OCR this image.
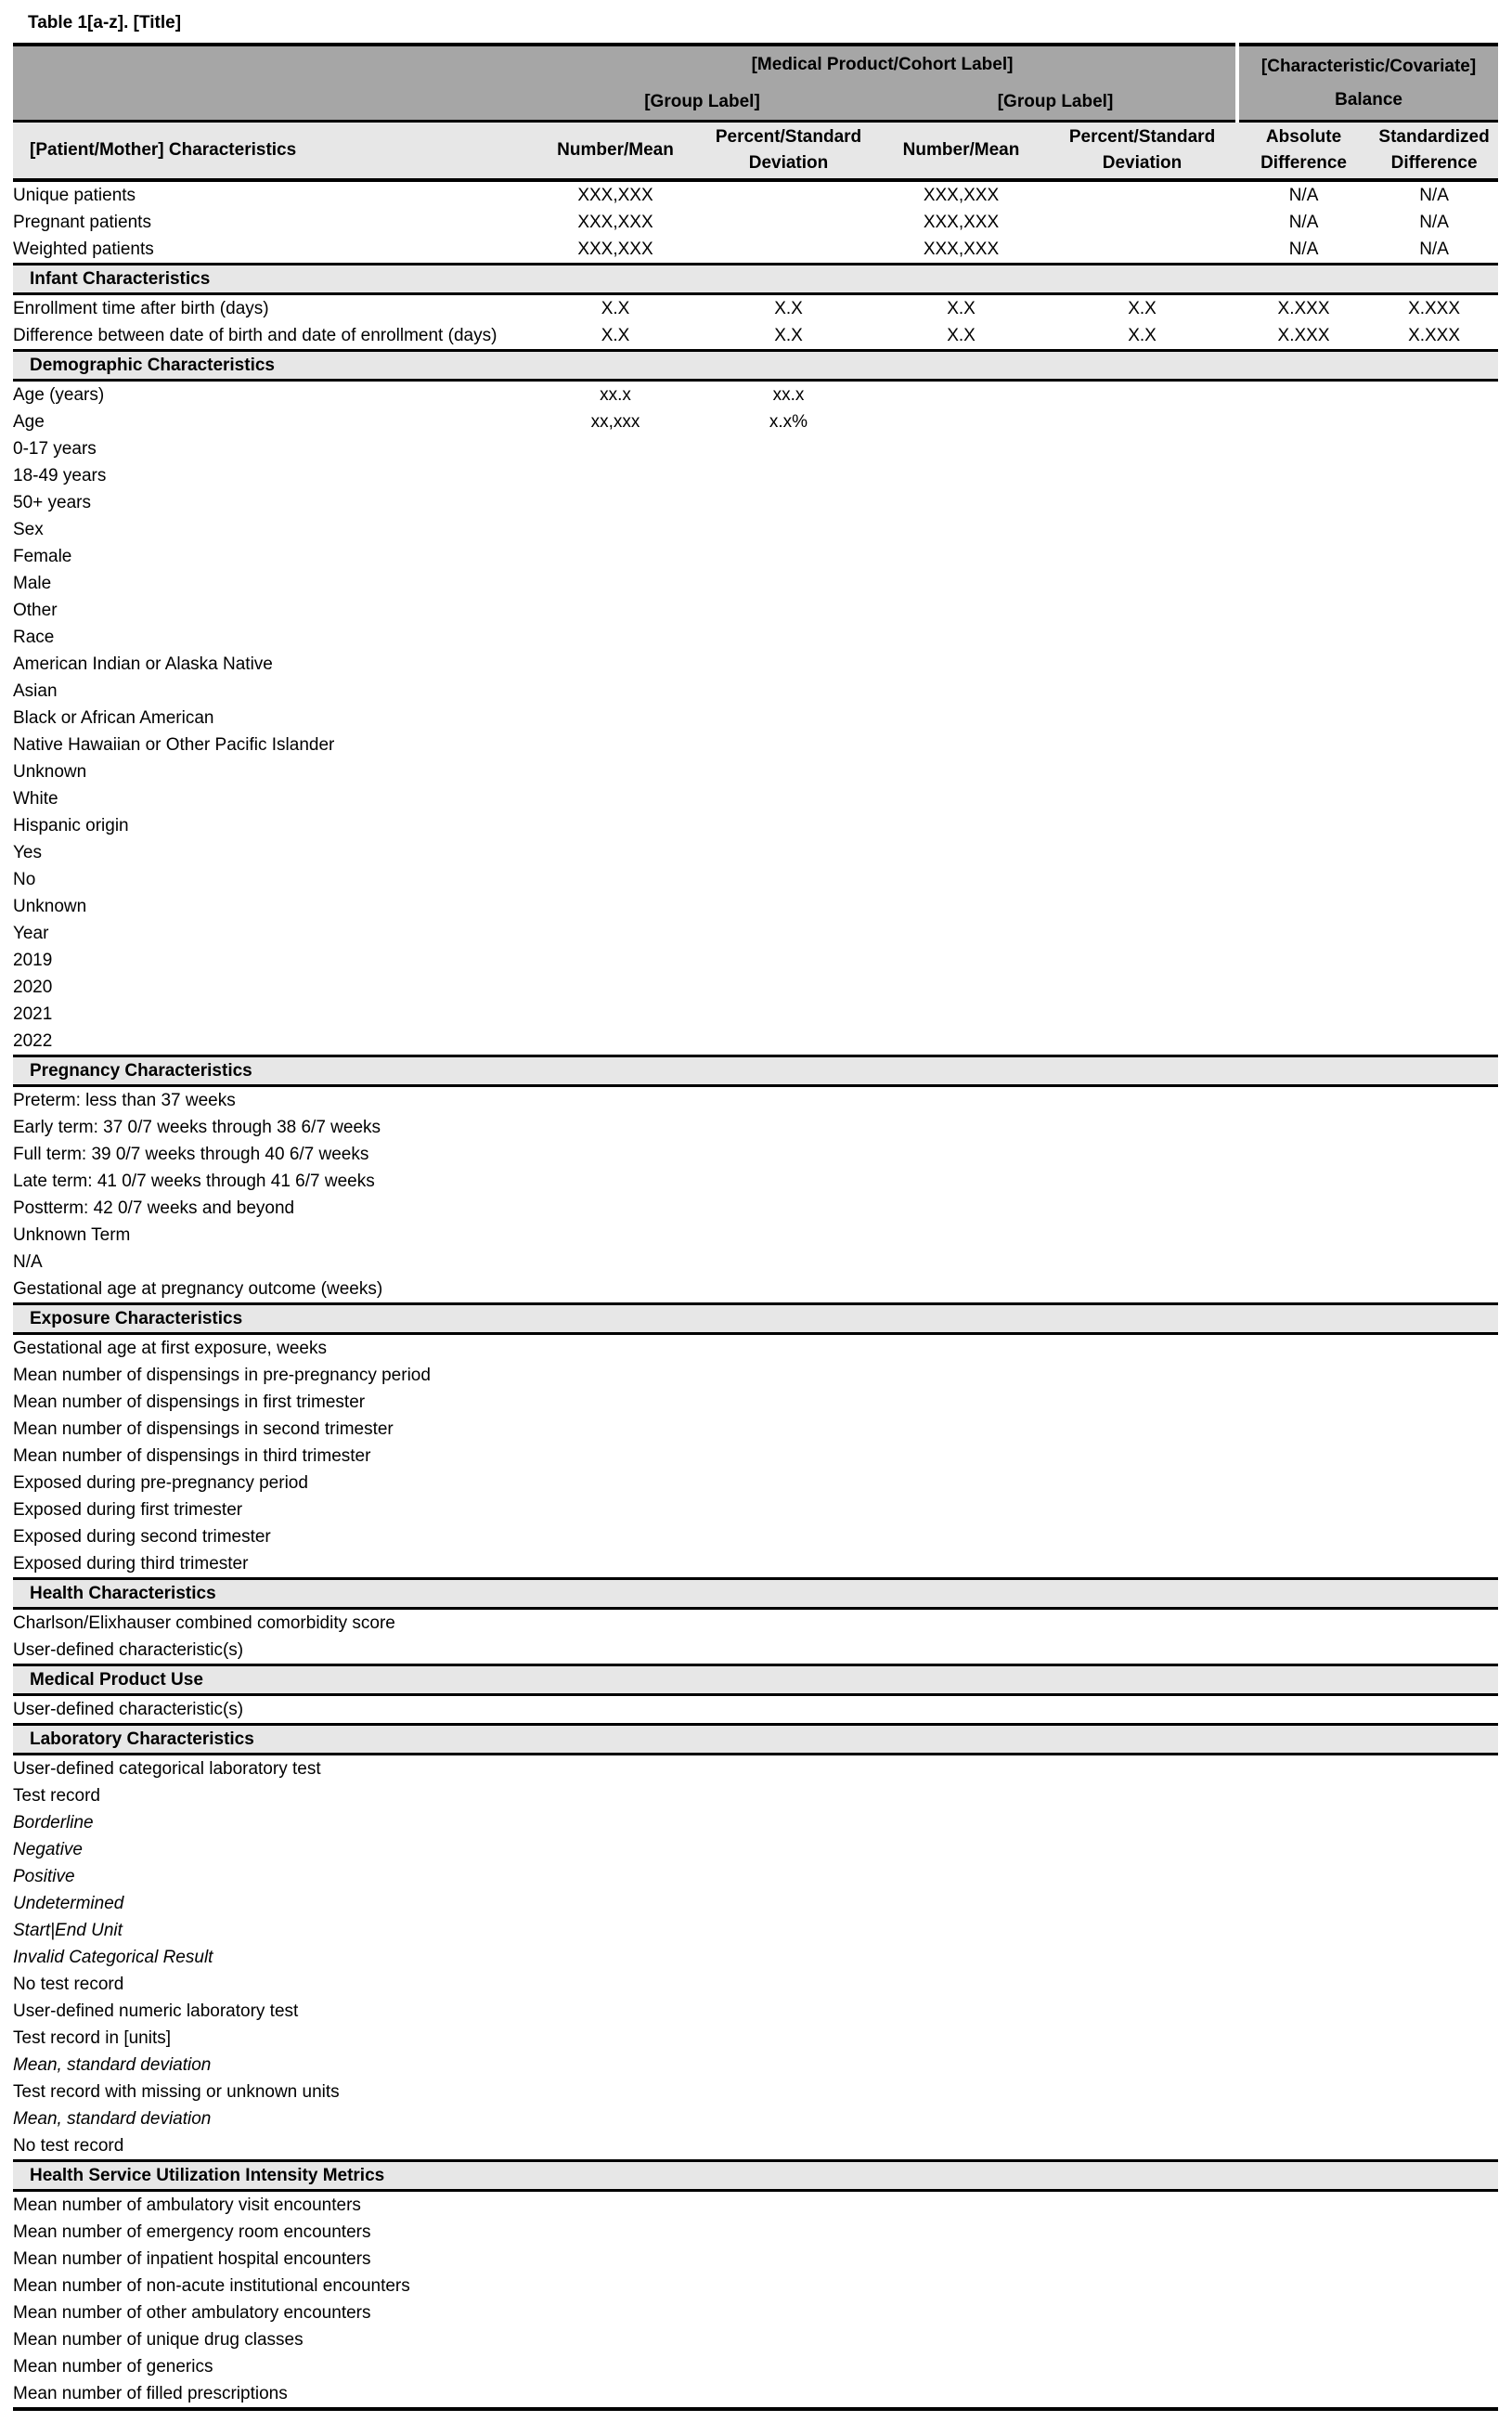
Table 1[a-z]. [Title]
	[Medical Product/Cohort Label]				[Characteristic/Covariate]
Balance	

	[Group Label]		[Group Label]			
[Patient/Mother] Characteristics	Number/Mean	Percent/Standard Deviation	Number/Mean	Percent/Standard Deviation	Absolute Difference	Standardized Difference
Unique patients	XXX,XXX		XXX,XXX		N/A	N/A
Pregnant patients	XXX,XXX		XXX,XXX		N/A	N/A
Weighted patients	XXX,XXX		XXX,XXX		N/A	N/A
Infant Characteristics						
Enrollment time after birth (days)	X.X	X.X	X.X	X.X	X.XXX	X.XXX
Difference between date of birth and date of enrollment (days)	X.X	X.X	X.X	X.X	X.XXX	X.XXX
Demographic Characteristics						
Age (years)	xx.x	xx.x				
Age	xx,xxx	x.x%				
0-17 years						
18-49 years						
50+ years						
Sex						
Female						
Male						
Other						
Race						
American Indian or Alaska Native						
Asian						
Black or African American						
Native Hawaiian or Other Pacific Islander						
Unknown						
White						
Hispanic origin						
Yes						
No						
Unknown						
Year						
2019						
2020						
2021						
2022						
Pregnancy Characteristics						
Preterm: less than 37 weeks						
Early term: 37 0/7 weeks through 38 6/7 weeks						
Full term: 39 0/7 weeks through 40 6/7 weeks						
Late term: 41 0/7 weeks through 41 6/7 weeks						
Postterm: 42 0/7 weeks and beyond						
Unknown Term						
N/A						
Gestational age at pregnancy outcome (weeks)						
Exposure Characteristics						
Gestational age at first exposure, weeks						
Mean number of dispensings in pre-pregnancy period						
Mean number of dispensings in first trimester						
Mean number of dispensings in second trimester						
Mean number of dispensings in third trimester						
Exposed during pre-pregnancy period						
Exposed during first trimester						
Exposed during second trimester						
Exposed during third trimester						
Health Characteristics						
Charlson/Elixhauser combined comorbidity score						
User-defined characteristic(s)						
Medical Product Use						
User-defined characteristic(s)						
Laboratory Characteristics						
User-defined categorical laboratory test						
Test record						
Borderline						
Negative						
Positive						
Undetermined						
Start|End Unit						
Invalid Categorical Result						
No test record						
User-defined numeric laboratory test						
Test record in [units]						
Mean, standard deviation						
Test record with missing or unknown units						
Mean, standard deviation						
No test record						
Health Service Utilization Intensity Metrics						
Mean number of ambulatory visit encounters						
Mean number of emergency room encounters						
Mean number of inpatient hospital encounters						
Mean number of non-acute institutional encounters						
Mean number of other ambulatory encounters						
Mean number of unique drug classes						
Mean number of generics						
Mean number of filled prescriptions						
